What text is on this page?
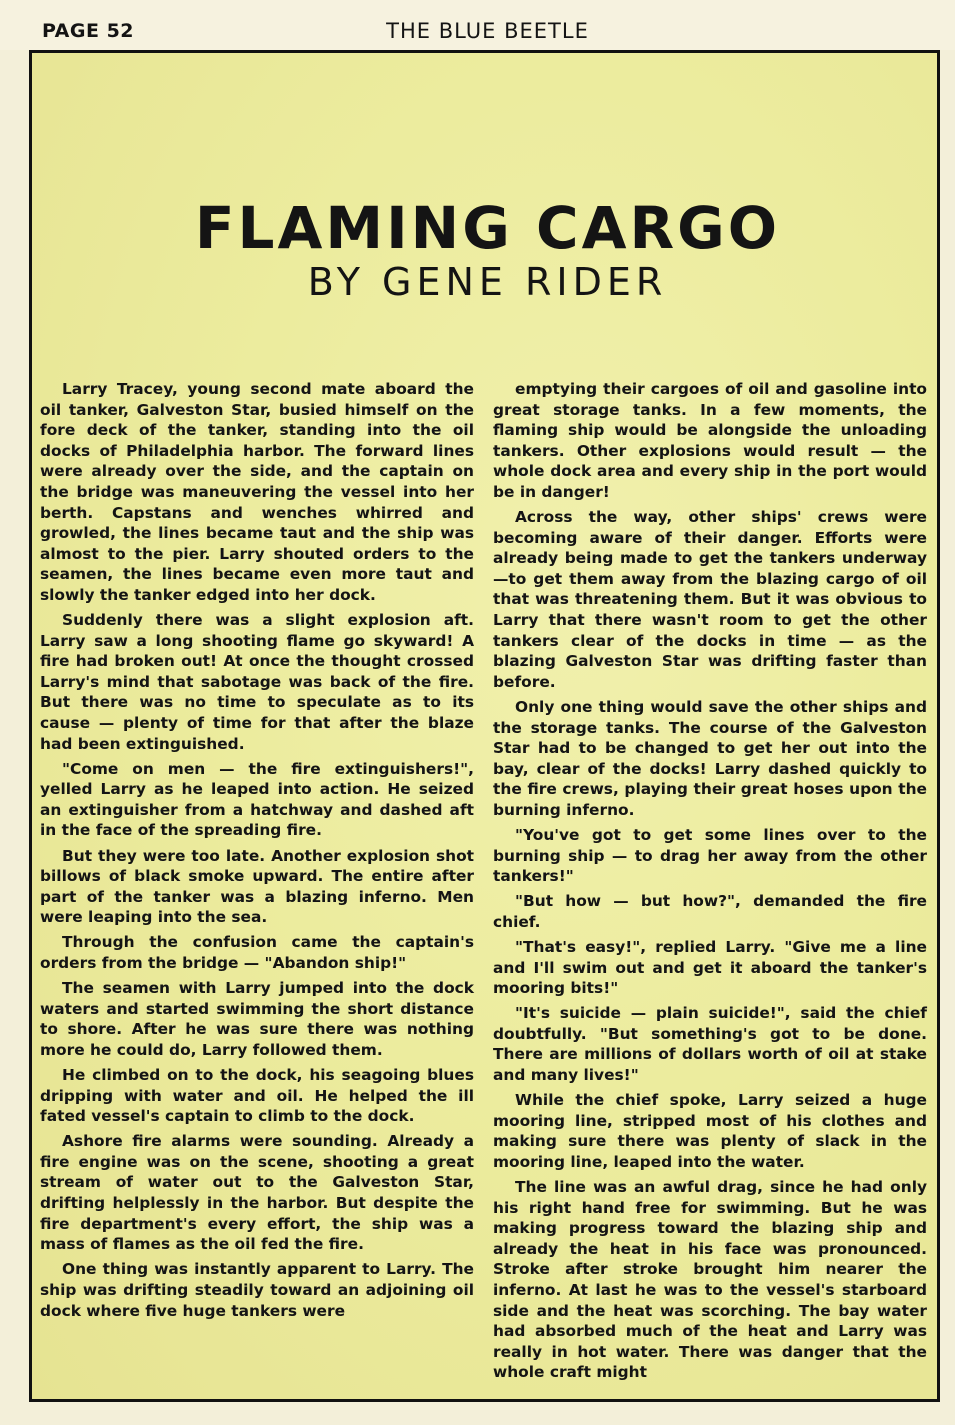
PAGE 52	THE BLUE BEETLE
FLAMING CARGO
BY GENE RIDER

Larry Tracey, young second mate aboard the oil tanker, Galveston Star, busied himself on the fore deck of the tanker, standing into the oil docks of Philadelphia harbor. The forward lines were already over the side, and the captain on the bridge was maneuvering the vessel into her berth. Capstans and wenches whirred and growled, the lines became taut and the ship was almost to the pier. Larry shouted orders to the seamen, the lines became even more taut and slowly the tanker edged into her dock.

Suddenly there was a slight explosion aft. Larry saw a long shooting flame go skyward! A fire had broken out! At once the thought crossed Larry's mind that sabotage was back of the fire. But there was no time to speculate as to its cause — plenty of time for that after the blaze had been extinguished.

"Come on men — the fire extinguishers!", yelled Larry as he leaped into action. He seized an extinguisher from a hatchway and dashed aft in the face of the spreading fire.

But they were too late. Another explosion shot billows of black smoke upward. The entire after part of the tanker was a blazing inferno. Men were leaping into the sea.

Through the confusion came the captain's orders from the bridge — "Abandon ship!"

The seamen with Larry jumped into the dock waters and started swimming the short distance to shore. After he was sure there was nothing more he could do, Larry followed them.

He climbed on to the dock, his seagoing blues dripping with water and oil. He helped the ill fated vessel's captain to climb to the dock.

Ashore fire alarms were sounding. Already a fire engine was on the scene, shooting a great stream of water out to the Galveston Star, drifting helplessly in the harbor. But despite the fire department's every effort, the ship was a mass of flames as the oil fed the fire.

One thing was instantly apparent to Larry. The ship was drifting steadily toward an adjoining oil dock where five huge tankers were

emptying their cargoes of oil and gasoline into great storage tanks. In a few moments, the flaming ship would be alongside the unloading tankers. Other explosions would result — the whole dock area and every ship in the port would be in danger!

Across the way, other ships' crews were becoming aware of their danger. Efforts were already being made to get the tankers underway—to get them away from the blazing cargo of oil that was threatening them. But it was obvious to Larry that there wasn't room to get the other tankers clear of the docks in time — as the blazing Galveston Star was drifting faster than before.

Only one thing would save the other ships and the storage tanks. The course of the Galveston Star had to be changed to get her out into the bay, clear of the docks! Larry dashed quickly to the fire crews, playing their great hoses upon the burning inferno.

"You've got to get some lines over to the burning ship — to drag her away from the other tankers!"

"But how — but how?", demanded the fire chief.

"That's easy!", replied Larry. "Give me a line and I'll swim out and get it aboard the tanker's mooring bits!"

"It's suicide — plain suicide!", said the chief doubtfully. "But something's got to be done. There are millions of dollars worth of oil at stake and many lives!"

While the chief spoke, Larry seized a huge mooring line, stripped most of his clothes and making sure there was plenty of slack in the mooring line, leaped into the water.

The line was an awful drag, since he had only his right hand free for swimming. But he was making progress toward the blazing ship and already the heat in his face was pronounced. Stroke after stroke brought him nearer the inferno. At last he was to the vessel's starboard side and the heat was scorching. The bay water had absorbed much of the heat and Larry was really in hot water. There was danger that the whole craft might
